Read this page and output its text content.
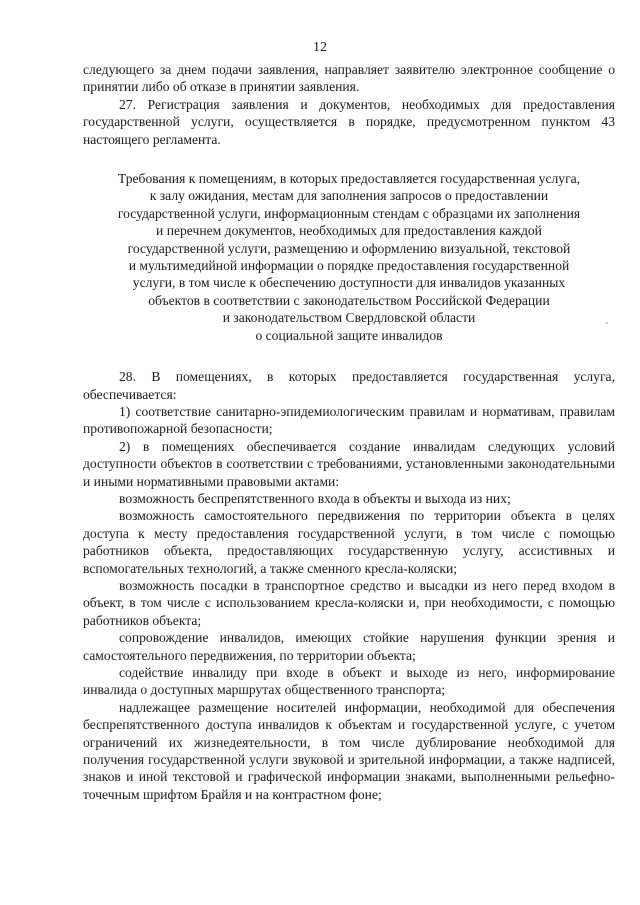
12

следующего за днем подачи заявления, направляет заявителю электронное сообщение о принятии либо об отказе в принятии заявления.

27. Регистрация заявления и документов, необходимых для предоставления государственной услуги, осуществляется в порядке, предусмотренном пунктом 43 настоящего регламента.

Требования к помещениям, в которых предоставляется государственная услуга,
к залу ожидания, местам для заполнения запросов о предоставлении
государственной услуги, информационным стендам с образцами их заполнения
и перечнем документов, необходимых для предоставления каждой
государственной услуги, размещению и оформлению визуальной, текстовой
и мультимедийной информации о порядке предоставления государственной
услуги, в том числе к обеспечению доступности для инвалидов указанных
объектов в соответствии с законодательством Российской Федерации
и законодательством Свердловской области
о социальной защите инвалидов

28. В помещениях, в которых предоставляется государственная услуга, обеспечивается:

1) соответствие санитарно-эпидемиологическим правилам и нормативам, правилам противопожарной безопасности;

2) в помещениях обеспечивается создание инвалидам следующих условий доступности объектов в соответствии с требованиями, установленными законодательными и иными нормативными правовыми актами:

возможность беспрепятственного входа в объекты и выхода из них;

возможность самостоятельного передвижения по территории объекта в целях доступа к месту предоставления государственной услуги, в том числе с помощью работников объекта, предоставляющих государственную услугу, ассистивных и вспомогательных технологий, а также сменного кресла-коляски;

возможность посадки в транспортное средство и высадки из него перед входом в объект, в том числе с использованием кресла-коляски и, при необходимости, с помощью работников объекта;

сопровождение инвалидов, имеющих стойкие нарушения функции зрения и самостоятельного передвижения, по территории объекта;

содействие инвалиду при входе в объект и выходе из него, информирование инвалида о доступных маршрутах общественного транспорта;

надлежащее размещение носителей информации, необходимой для обеспечения беспрепятственного доступа инвалидов к объектам и государственной услуге, с учетом ограничений их жизнедеятельности, в том числе дублирование необходимой для получения государственной услуги звуковой и зрительной информации, а также надписей, знаков и иной текстовой и графической информации знаками, выполненными рельефно-точечным шрифтом Брайля и на контрастном фоне;
